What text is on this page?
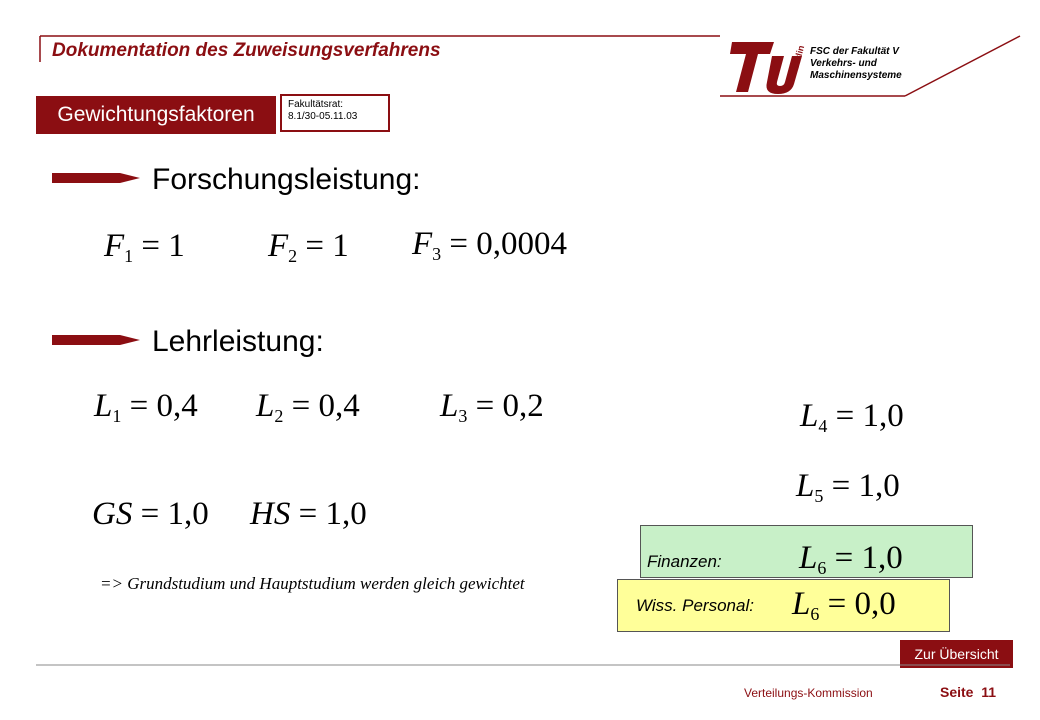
Dokumentation des Zuweisungsverfahrens	berlin FSC der Fakultät V
Verkehrs- und
Maschinensysteme
Gewichtungsfaktoren	Fakultätsrat:
8.1/30-05.11.03
Forschungsleistung:
$F_1 = 1$	$F_2 = 1$ $F_3 = 0,0004$
Lehrleistung:
$L_1 = 0,4$ $L_2 = 0,4$ $L_3 = 0,2$	$L_4 = 1,0$
$L_5 = 1,0$
GS = 1,0 HS = 1,0
=> Grundstudium und Hauptstudium werden gleich gewichtet
Finanzen: $L_6 = 1,0$
Wiss. Personal: $L_6 = 0,0$
Zur Übersicht
Verteilungs-Kommission	Seite 11
